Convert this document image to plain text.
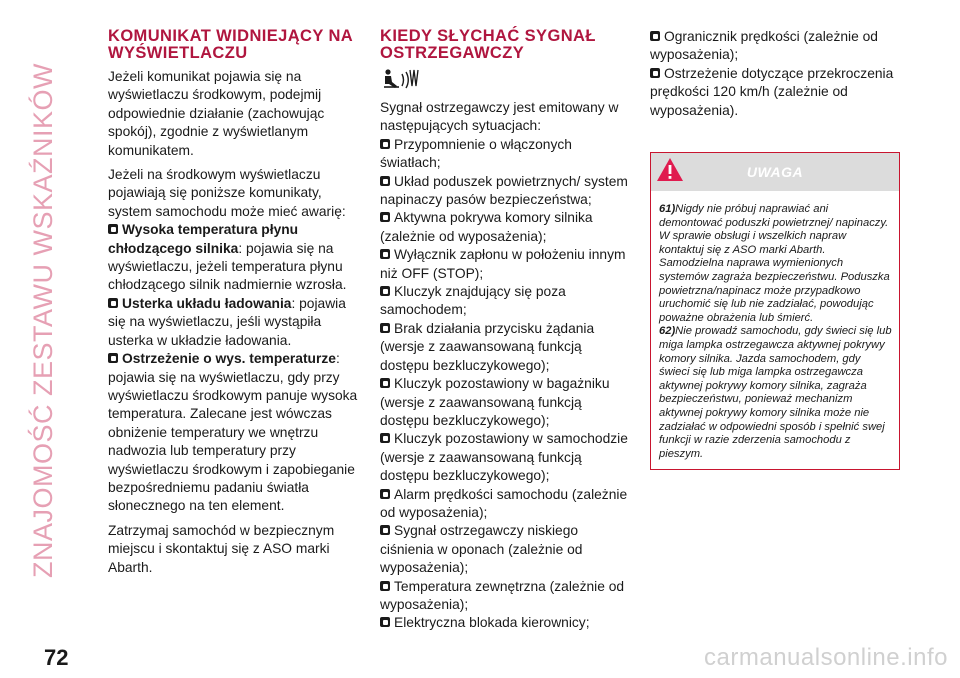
ZNAJOMOŚĆ ZESTAWU WSKAŹNIKÓW
KOMUNIKAT WIDNIEJĄCY NA WYŚWIETLACZU

Jeżeli komunikat pojawia się na wyświetlaczu środkowym, podejmij odpowiednie działanie (zachowując spokój), zgodnie z wyświetlanym komunikatem.

Jeżeli na środkowym wyświetlaczu pojawiają się poniższe komunikaty, system samochodu może mieć awarię:

Wysoka temperatura płynu chłodzącego silnika: pojawia się na wyświetlaczu, jeżeli temperatura płynu chłodzącego silnik nadmiernie wzrosła.
Usterka układu ładowania: pojawia się na wyświetlaczu, jeśli wystąpiła usterka w układzie ładowania.
Ostrzeżenie o wys. temperaturze: pojawia się na wyświetlaczu, gdy przy wyświetlaczu środkowym panuje wysoka temperatura. Zalecane jest wówczas obniżenie temperatury we wnętrzu nadwozia lub temperatury przy wyświetlaczu środkowym i zapobieganie bezpośredniemu padaniu światła słonecznego na ten element.

Zatrzymaj samochód w bezpiecznym miejscu i skontaktuj się z ASO marki Abarth.

KIEDY SŁYCHAĆ SYGNAŁ OSTRZEGAWCZY

Sygnał ostrzegawczy jest emitowany w następujących sytuacjach:

Przypomnienie o włączonych światłach;
Układ poduszek powietrznych/ system napinaczy pasów bezpieczeństwa;
Aktywna pokrywa komory silnika (zależnie od wyposażenia);
Wyłącznik zapłonu w położeniu innym niż OFF (STOP);
Kluczyk znajdujący się poza samochodem;
Brak działania przycisku żądania (wersje z zaawansowaną funkcją dostępu bezkluczykowego);
Kluczyk pozostawiony w bagażniku (wersje z zaawansowaną funkcją dostępu bezkluczykowego);
Kluczyk pozostawiony w samochodzie (wersje z zaawansowaną funkcją dostępu bezkluczykowego);
Alarm prędkości samochodu (zależnie od wyposażenia);
Sygnał ostrzegawczy niskiego ciśnienia w oponach (zależnie od wyposażenia);
Temperatura zewnętrzna (zależnie od wyposażenia);
Elektryczna blokada kierownicy;
Ogranicznik prędkości (zależnie od wyposażenia);
Ostrzeżenie dotyczące przekroczenia prędkości 120 km/h (zależnie od wyposażenia).
UWAGA

61)Nigdy nie próbuj naprawiać ani demontować poduszki powietrznej/ napinaczy. W sprawie obsługi i wszelkich napraw kontaktuj się z ASO marki Abarth. Samodzielna naprawa wymienionych systemów zagraża bezpieczeństwu. Poduszka powietrzna/napinacz może przypadkowo uruchomić się lub nie zadziałać, powodując poważne obrażenia lub śmierć.

62)Nie prowadź samochodu, gdy świeci się lub miga lampka ostrzegawcza aktywnej pokrywy komory silnika. Jazda samochodem, gdy świeci się lub miga lampka ostrzegawcza aktywnej pokrywy komory silnika, zagraża bezpieczeństwu, ponieważ mechanizm aktywnej pokrywy komory silnika może nie zadziałać w odpowiedni sposób i spełnić swej funkcji w razie zderzenia samochodu z pieszym.

72	carmanualsonline.info
